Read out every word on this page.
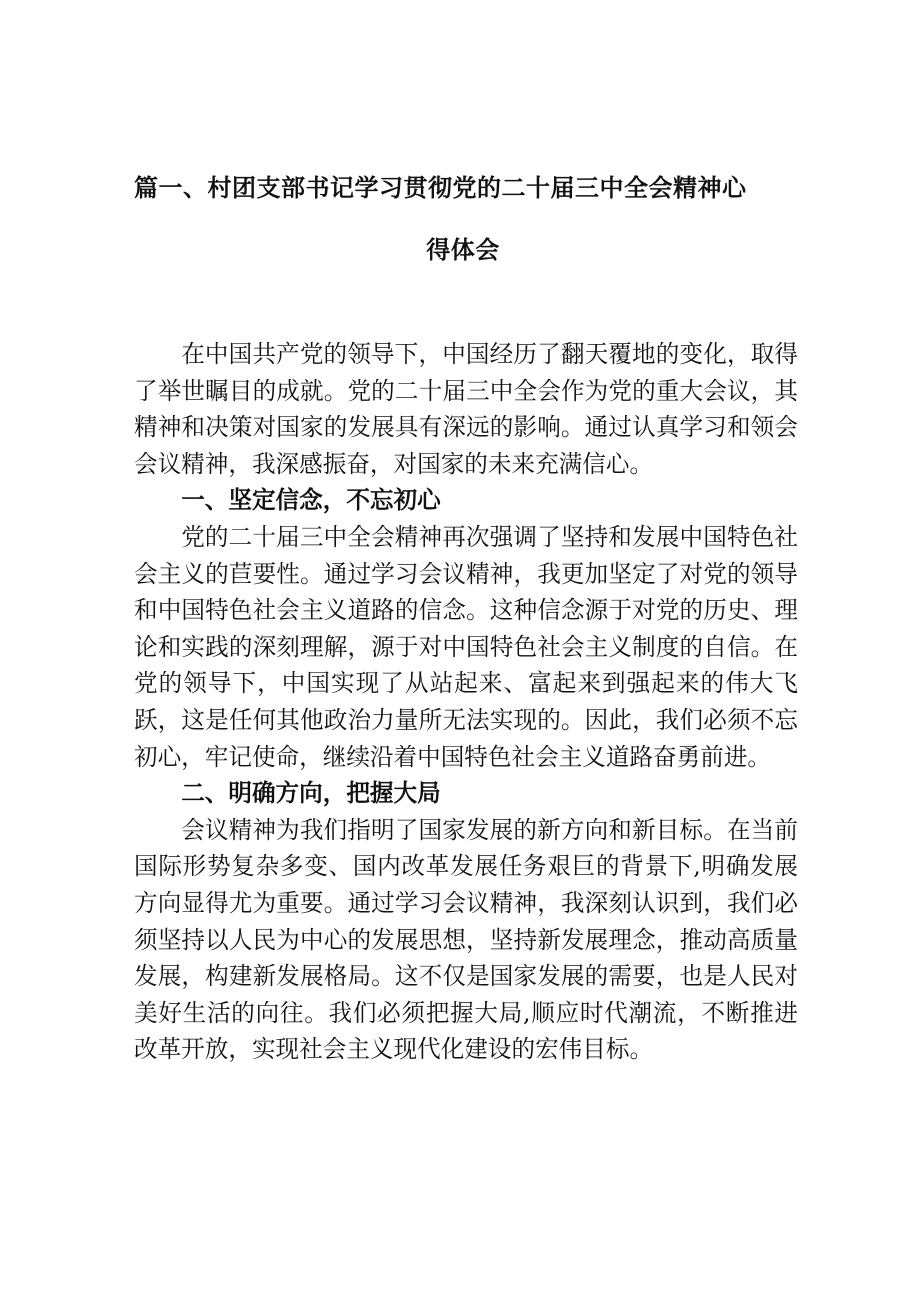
篇一、村团支部书记学习贯彻党的二十届三中全会精神心
得体会

在中国共产党的领导下，中国经历了翻天覆地的变化，取得了举世瞩目的成就。党的二十届三中全会作为党的重大会议，其精神和决策对国家的发展具有深远的影响。通过认真学习和领会会议精神，我深感振奋，对国家的未来充满信心。

一、坚定信念，不忘初心

党的二十届三中全会精神再次强调了坚持和发展中国特色社会主义的苣要性。通过学习会议精神，我更加坚定了对党的领导和中国特色社会主义道路的信念。这种信念源于对党的历史、理论和实践的深刻理解，源于对中国特色社会主义制度的自信。在党的领导下，中国实现了从站起来、富起来到强起来的伟大飞跃，这是任何其他政治力量所无法实现的。因此，我们必须不忘初心，牢记使命，继续沿着中国特色社会主义道路奋勇前进。

二、明确方向，把握大局

会议精神为我们指明了国家发展的新方向和新目标。在当前国际形势复杂多变、国内改革发展任务艰巨的背景下,明确发展方向显得尤为重要。通过学习会议精神，我深刻认识到，我们必须坚持以人民为中心的发展思想，坚持新发展理念，推动高质量发展，构建新发展格局。这不仅是国家发展的需要，也是人民对美好生活的向往。我们必须把握大局,顺应时代潮流，不断推进改革开放，实现社会主义现代化建设的宏伟目标。
